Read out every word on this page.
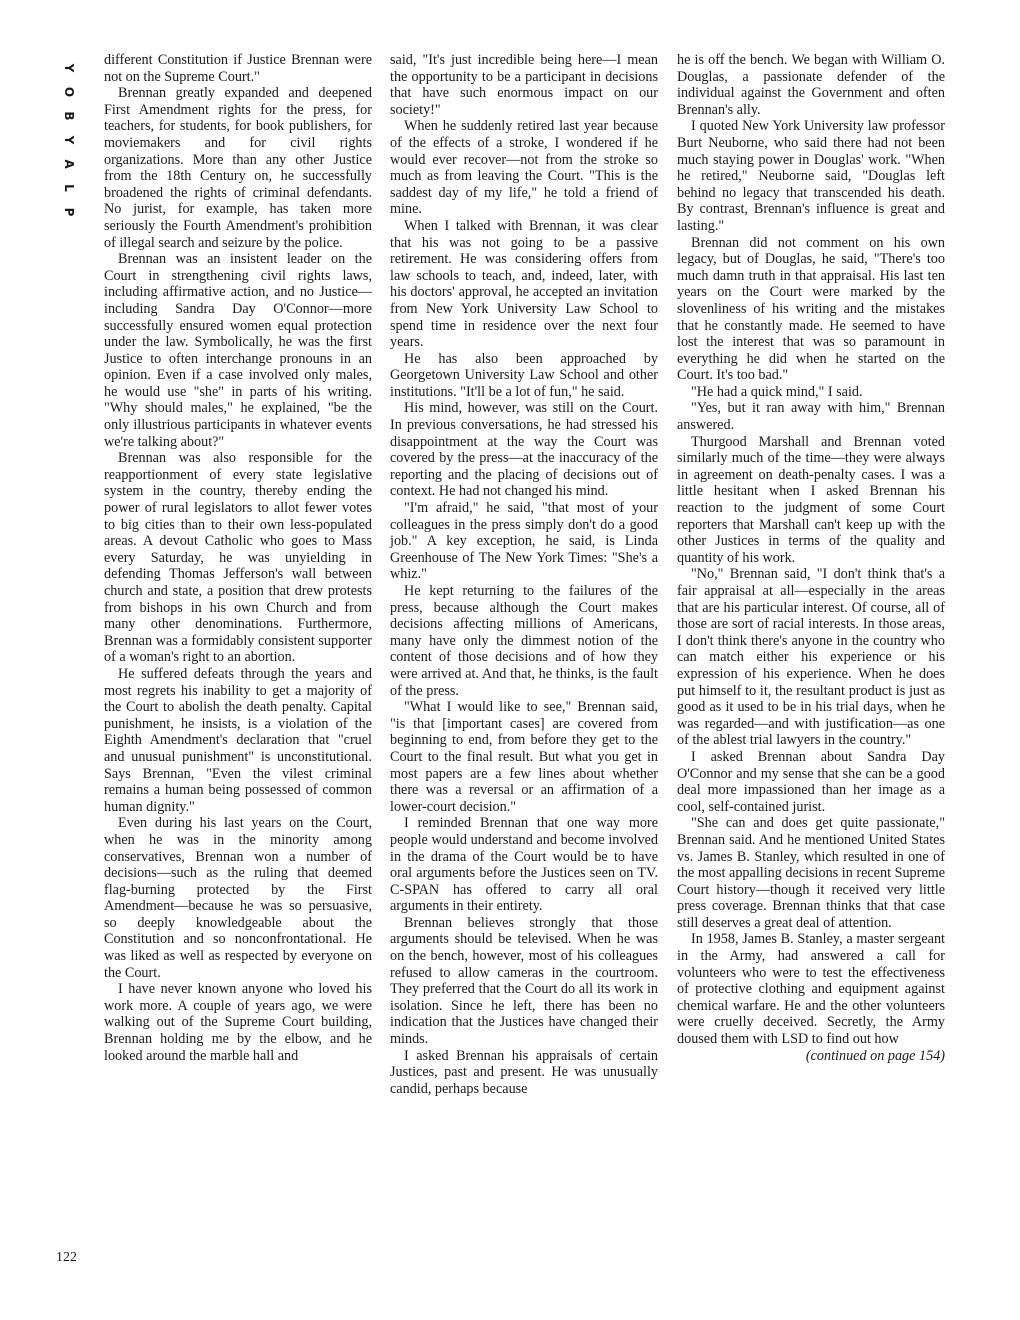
Y
O
B
Y
A
L
P
122

different Constitution if Justice Brennan were not on the Supreme Court."

Brennan greatly expanded and deepened First Amendment rights for the press, for teachers, for students, for book publishers, for moviemakers and for civil rights organizations. More than any other Justice from the 18th Century on, he successfully broadened the rights of criminal defendants. No jurist, for example, has taken more seriously the Fourth Amendment's prohibition of illegal search and seizure by the police.

Brennan was an insistent leader on the Court in strengthening civil rights laws, including affirmative action, and no Justice—including Sandra Day O'Connor—more successfully ensured women equal protection under the law. Symbolically, he was the first Justice to often interchange pronouns in an opinion. Even if a case involved only males, he would use "she" in parts of his writing. "Why should males," he explained, "be the only illustrious participants in whatever events we're talking about?"

Brennan was also responsible for the reapportionment of every state legislative system in the country, thereby ending the power of rural legislators to allot fewer votes to big cities than to their own less-populated areas. A devout Catholic who goes to Mass every Saturday, he was unyielding in defending Thomas Jefferson's wall between church and state, a position that drew protests from bishops in his own Church and from many other denominations. Furthermore, Brennan was a formidably consistent supporter of a woman's right to an abortion.

He suffered defeats through the years and most regrets his inability to get a majority of the Court to abolish the death penalty. Capital punishment, he insists, is a violation of the Eighth Amendment's declaration that "cruel and unusual punishment" is unconstitutional. Says Brennan, "Even the vilest criminal remains a human being possessed of common human dignity."

Even during his last years on the Court, when he was in the minority among conservatives, Brennan won a number of decisions—such as the ruling that deemed flag-burning protected by the First Amendment—because he was so persuasive, so deeply knowledgeable about the Constitution and so nonconfrontational. He was liked as well as respected by everyone on the Court.

I have never known anyone who loved his work more. A couple of years ago, we were walking out of the Supreme Court building, Brennan holding me by the elbow, and he looked around the marble hall and

said, "It's just incredible being here—I mean the opportunity to be a participant in decisions that have such enormous impact on our society!"

When he suddenly retired last year because of the effects of a stroke, I wondered if he would ever recover—not from the stroke so much as from leaving the Court. "This is the saddest day of my life," he told a friend of mine.

When I talked with Brennan, it was clear that his was not going to be a passive retirement. He was considering offers from law schools to teach, and, indeed, later, with his doctors' approval, he accepted an invitation from New York University Law School to spend time in residence over the next four years.

He has also been approached by Georgetown University Law School and other institutions. "It'll be a lot of fun," he said.

His mind, however, was still on the Court. In previous conversations, he had stressed his disappointment at the way the Court was covered by the press—at the inaccuracy of the reporting and the placing of decisions out of context. He had not changed his mind.

"I'm afraid," he said, "that most of your colleagues in the press simply don't do a good job." A key exception, he said, is Linda Greenhouse of The New York Times: "She's a whiz."

He kept returning to the failures of the press, because although the Court makes decisions affecting millions of Americans, many have only the dimmest notion of the content of those decisions and of how they were arrived at. And that, he thinks, is the fault of the press.

"What I would like to see," Brennan said, "is that [important cases] are covered from beginning to end, from before they get to the Court to the final result. But what you get in most papers are a few lines about whether there was a reversal or an affirmation of a lower-court decision."

I reminded Brennan that one way more people would understand and become involved in the drama of the Court would be to have oral arguments before the Justices seen on TV. C-SPAN has offered to carry all oral arguments in their entirety.

Brennan believes strongly that those arguments should be televised. When he was on the bench, however, most of his colleagues refused to allow cameras in the courtroom. They preferred that the Court do all its work in isolation. Since he left, there has been no indication that the Justices have changed their minds.

I asked Brennan his appraisals of certain Justices, past and present. He was unusually candid, perhaps because

he is off the bench. We began with William O. Douglas, a passionate defender of the individual against the Government and often Brennan's ally.

I quoted New York University law professor Burt Neuborne, who said there had not been much staying power in Douglas' work. "When he retired," Neuborne said, "Douglas left behind no legacy that transcended his death. By contrast, Brennan's influence is great and lasting."

Brennan did not comment on his own legacy, but of Douglas, he said, "There's too much damn truth in that appraisal. His last ten years on the Court were marked by the slovenliness of his writing and the mistakes that he constantly made. He seemed to have lost the interest that was so paramount in everything he did when he started on the Court. It's too bad."

"He had a quick mind," I said.

"Yes, but it ran away with him," Brennan answered.

Thurgood Marshall and Brennan voted similarly much of the time—they were always in agreement on death-penalty cases. I was a little hesitant when I asked Brennan his reaction to the judgment of some Court reporters that Marshall can't keep up with the other Justices in terms of the quality and quantity of his work.

"No," Brennan said, "I don't think that's a fair appraisal at all—especially in the areas that are his particular interest. Of course, all of those are sort of racial interests. In those areas, I don't think there's anyone in the country who can match either his experience or his expression of his experience. When he does put himself to it, the resultant product is just as good as it used to be in his trial days, when he was regarded—and with justification—as one of the ablest trial lawyers in the country."

I asked Brennan about Sandra Day O'Connor and my sense that she can be a good deal more impassioned than her image as a cool, self-contained jurist.

"She can and does get quite passionate," Brennan said. And he mentioned United States vs. James B. Stanley, which resulted in one of the most appalling decisions in recent Supreme Court history—though it received very little press coverage. Brennan thinks that that case still deserves a great deal of attention.

In 1958, James B. Stanley, a master sergeant in the Army, had answered a call for volunteers who were to test the effectiveness of protective clothing and equipment against chemical warfare. He and the other volunteers were cruelly deceived. Secretly, the Army doused them with LSD to find out how

(continued on page 154)
